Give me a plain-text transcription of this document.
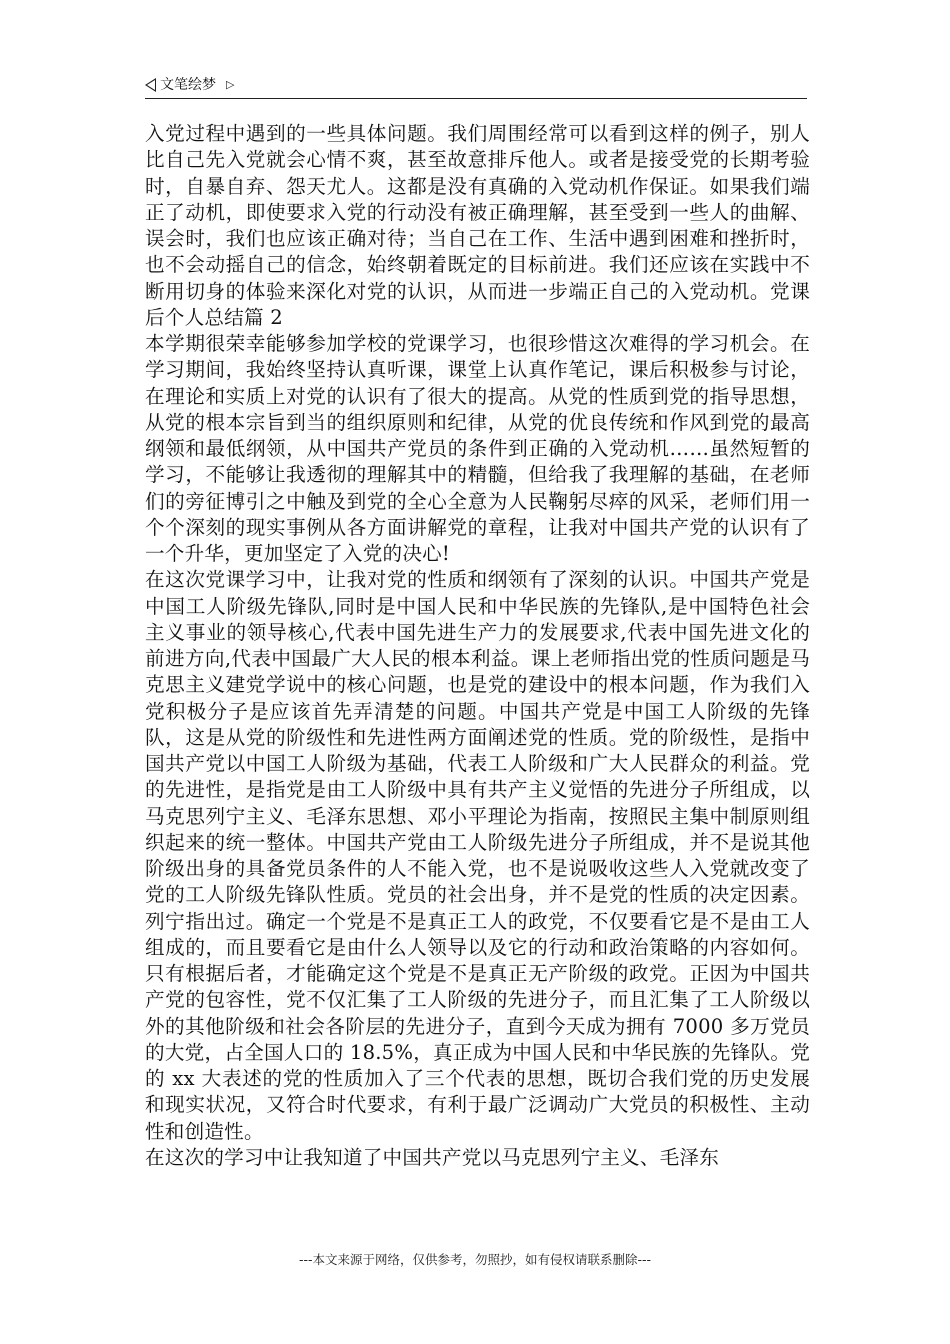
文笔绘梦 ▷

入党过程中遇到的一些具体问题。我们周围经常可以看到这样的例子，别人比自己先入党就会心情不爽，甚至故意排斥他人。或者是接受党的长期考验时，自暴自弃、怨天尤人。这都是没有真确的入党动机作保证。如果我们端正了动机，即使要求入党的行动没有被正确理解，甚至受到一些人的曲解、误会时，我们也应该正确对待；当自己在工作、生活中遇到困难和挫折时，也不会动摇自己的信念，始终朝着既定的目标前进。我们还应该在实践中不断用切身的体验来深化对党的认识，从而进一步端正自己的入党动机。党课后个人总结篇 2

本学期很荣幸能够参加学校的党课学习，也很珍惜这次难得的学习机会。在学习期间，我始终坚持认真听课，课堂上认真作笔记，课后积极参与讨论，在理论和实质上对党的认识有了很大的提高。从党的性质到党的指导思想，从党的根本宗旨到当的组织原则和纪律，从党的优良传统和作风到党的最高纲领和最低纲领，从中国共产党员的条件到正确的入党动机……虽然短暂的学习，不能够让我透彻的理解其中的精髓，但给我了我理解的基础，在老师们的旁征博引之中触及到党的全心全意为人民鞠躬尽瘁的风采，老师们用一个个深刻的现实事例从各方面讲解党的章程，让我对中国共产党的认识有了一个升华，更加坚定了入党的决心!

在这次党课学习中，让我对党的性质和纲领有了深刻的认识。中国共产党是中国工人阶级先锋队,同时是中国人民和中华民族的先锋队,是中国特色社会主义事业的领导核心,代表中国先进生产力的发展要求,代表中国先进文化的前进方向,代表中国最广大人民的根本利益。课上老师指出党的性质问题是马克思主义建党学说中的核心问题，也是党的建设中的根本问题，作为我们入党积极分子是应该首先弄清楚的问题。中国共产党是中国工人阶级的先锋队，这是从党的阶级性和先进性两方面阐述党的性质。党的阶级性，是指中国共产党以中国工人阶级为基础，代表工人阶级和广大人民群众的利益。党的先进性，是指党是由工人阶级中具有共产主义觉悟的先进分子所组成，以马克思列宁主义、毛泽东思想、邓小平理论为指南，按照民主集中制原则组织起来的统一整体。中国共产党由工人阶级先进分子所组成，并不是说其他阶级出身的具备党员条件的人不能入党，也不是说吸收这些人入党就改变了党的工人阶级先锋队性质。党员的社会出身，并不是党的性质的决定因素。列宁指出过。确定一个党是不是真正工人的政党，不仅要看它是不是由工人组成的，而且要看它是由什么人领导以及它的行动和政治策略的内容如何。只有根据后者，才能确定这个党是不是真正无产阶级的政党。正因为中国共产党的包容性，党不仅汇集了工人阶级的先进分子，而且汇集了工人阶级以外的其他阶级和社会各阶层的先进分子，直到今天成为拥有 7000 多万党员的大党，占全国人口的 18.5%，真正成为中国人民和中华民族的先锋队。党的 xx 大表述的党的性质加入了三个代表的思想，既切合我们党的历史发展和现实状况，又符合时代要求，有利于最广泛调动广大党员的积极性、主动性和创造性。

在这次的学习中让我知道了中国共产党以马克思列宁主义、毛泽东

---本文来源于网络，仅供参考，勿照抄，如有侵权请联系删除---
